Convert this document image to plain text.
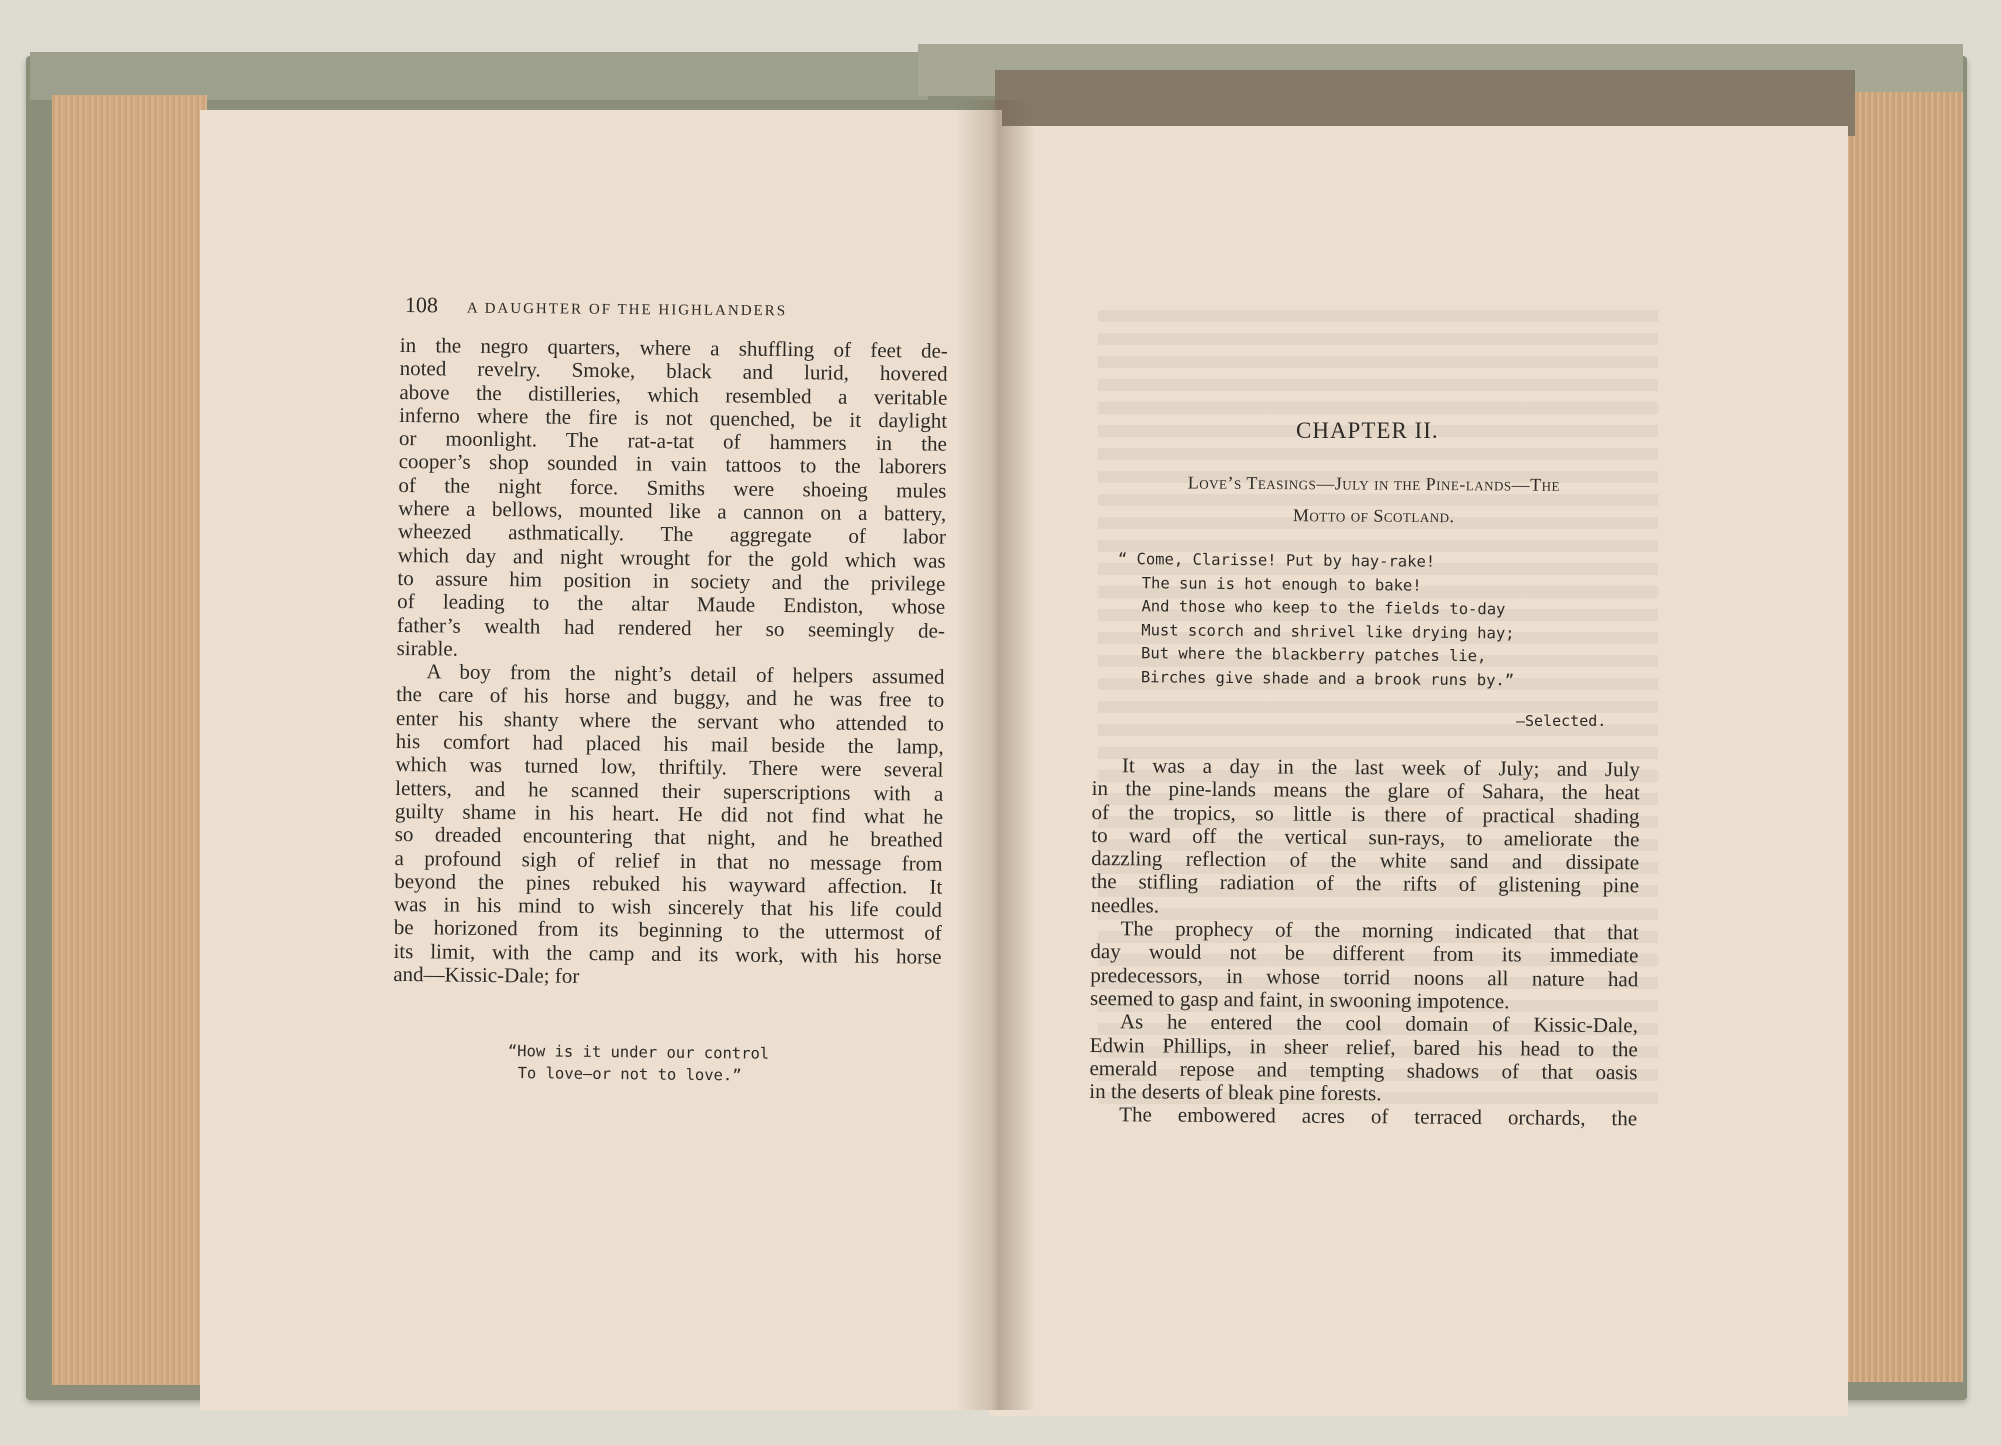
108 A DAUGHTER OF THE HIGHLANDERS
in the negro quarters, where a shuffling of feet de-
noted revelry. Smoke, black and lurid, hovered
above the distilleries, which resembled a veritable
inferno where the fire is not quenched, be it daylight
or moonlight. The rat-a-tat of hammers in the
cooper’s shop sounded in vain tattoos to the laborers
of the night force. Smiths were shoeing mules
where a bellows, mounted like a cannon on a battery,
wheezed asthmatically. The aggregate of labor
which day and night wrought for the gold which was
to assure him position in society and the privilege
of leading to the altar Maude Endiston, whose
father’s wealth had rendered her so seemingly de-
sirable.
A boy from the night’s detail of helpers assumed
the care of his horse and buggy, and he was free to
enter his shanty where the servant who attended to
his comfort had placed his mail beside the lamp,
which was turned low, thriftily. There were several
letters, and he scanned their superscriptions with a
guilty shame in his heart. He did not find what he
so dreaded encountering that night, and he breathed
a profound sigh of relief in that no message from
beyond the pines rebuked his wayward affection. It
was in his mind to wish sincerely that his life could
be horizoned from its beginning to the uttermost of
its limit, with the camp and its work, with his horse
and—Kissic-Dale; for
“How is it under our control
To love—or not to love.”
CHAPTER II.
Love’s Teasings—July in the Pine-lands—The
Motto of Scotland.
“ Come, Clarisse! Put by hay-rake!
The sun is hot enough to bake!
And those who keep to the fields to-day
Must scorch and shrivel like drying hay;
But where the blackberry patches lie,
Birches give shade and a brook runs by.”
—Selected.
It was a day in the last week of July; and July
in the pine-lands means the glare of Sahara, the heat
of the tropics, so little is there of practical shading
to ward off the vertical sun-rays, to ameliorate the
dazzling reflection of the white sand and dissipate
the stifling radiation of the rifts of glistening pine
needles.
The prophecy of the morning indicated that that
day would not be different from its immediate
predecessors, in whose torrid noons all nature had
seemed to gasp and faint, in swooning impotence.
As he entered the cool domain of Kissic-Dale,
Edwin Phillips, in sheer relief, bared his head to the
emerald repose and tempting shadows of that oasis
in the deserts of bleak pine forests.
The embowered acres of terraced orchards, the
